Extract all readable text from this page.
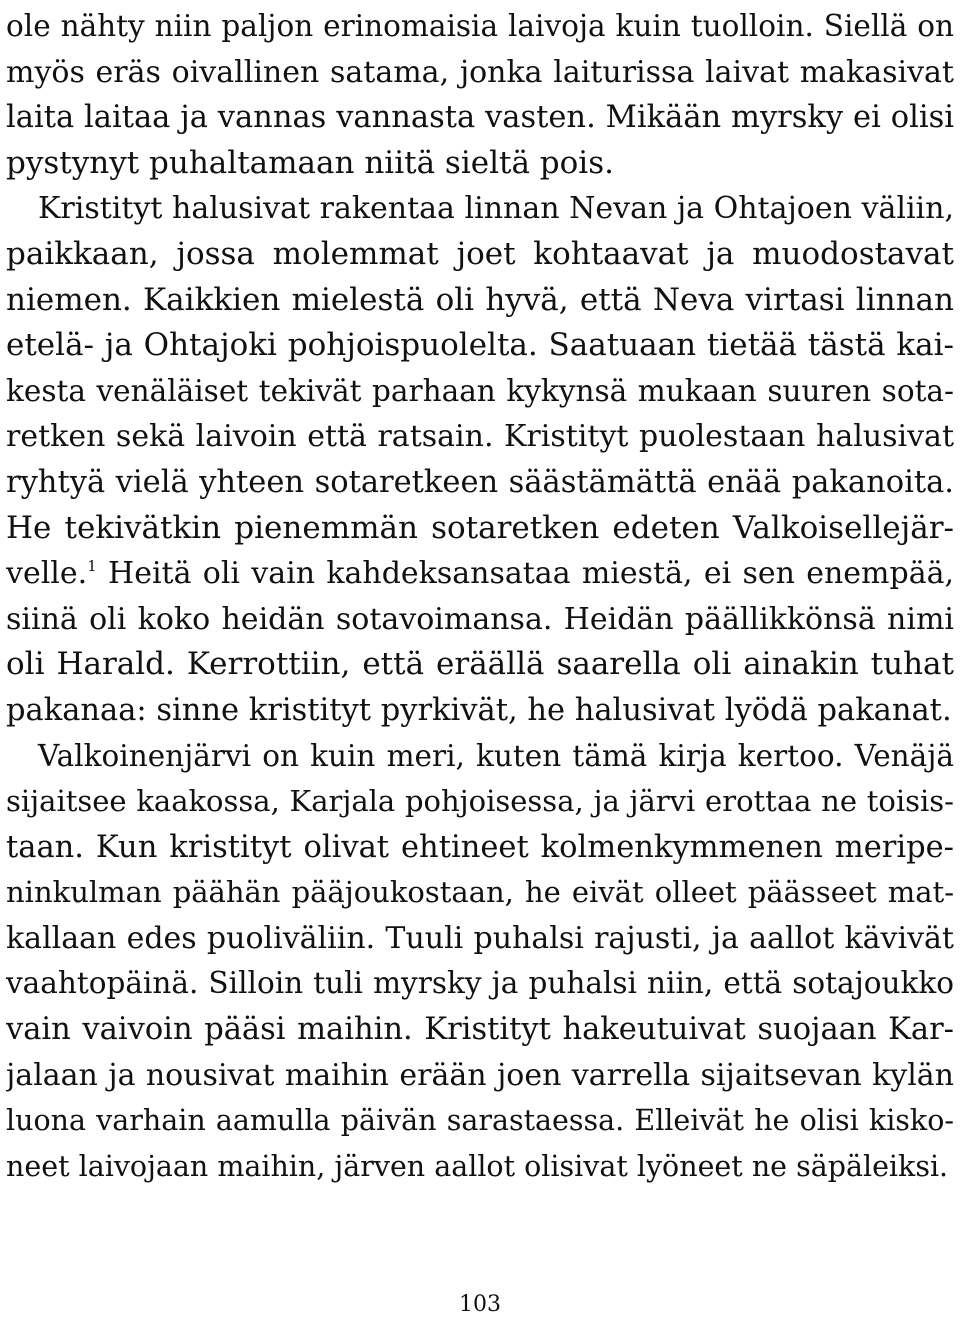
ole nähty niin paljon erinomaisia laivoja kuin tuolloin. Siellä on
myös eräs oivallinen satama, jonka laiturissa laivat makasivat
laita laitaa ja vannas vannasta vasten. Mikään myrsky ei olisi
pystynyt puhaltamaan niitä sieltä pois.
Kristityt halusivat rakentaa linnan Nevan ja Ohtajoen väliin,
paikkaan, jossa molemmat joet kohtaavat ja muodostavat
niemen. Kaikkien mielestä oli hyvä, että Neva virtasi linnan
etelä- ja Ohtajoki pohjoispuolelta. Saatuaan tietää tästä kai-
kesta venäläiset tekivät parhaan kykynsä mukaan suuren sota-
retken sekä laivoin että ratsain. Kristityt puolestaan halusivat
ryhtyä vielä yhteen sotaretkeen säästämättä enää pakanoita.
He tekivätkin pienemmän sotaretken edeten Valkoisellejär-
velle.$^1$ Heitä oli vain kahdeksansataa miestä, ei sen enempää,
siinä oli koko heidän sotavoimansa. Heidän päällikkönsä nimi
oli Harald. Kerrottiin, että eräällä saarella oli ainakin tuhat
pakanaa: sinne kristityt pyrkivät, he halusivat lyödä pakanat.
Valkoinenjärvi on kuin meri, kuten tämä kirja kertoo. Venäjä
sijaitsee kaakossa, Karjala pohjoisessa, ja järvi erottaa ne toisis-
taan. Kun kristityt olivat ehtineet kolmenkymmenen meripe-
ninkulman päähän pääjoukostaan, he eivät olleet päässeet mat-
kallaan edes puoliväliin. Tuuli puhalsi rajusti, ja aallot kävivät
vaahtopäinä. Silloin tuli myrsky ja puhalsi niin, että sotajoukko
vain vaivoin pääsi maihin. Kristityt hakeutuivat suojaan Kar-
jalaan ja nousivat maihin erään joen varrella sijaitsevan kylän
luona varhain aamulla päivän sarastaessa. Elleivät he olisi kisko-
neet laivojaan maihin, järven aallot olisivat lyöneet ne säpäleiksi.
103
